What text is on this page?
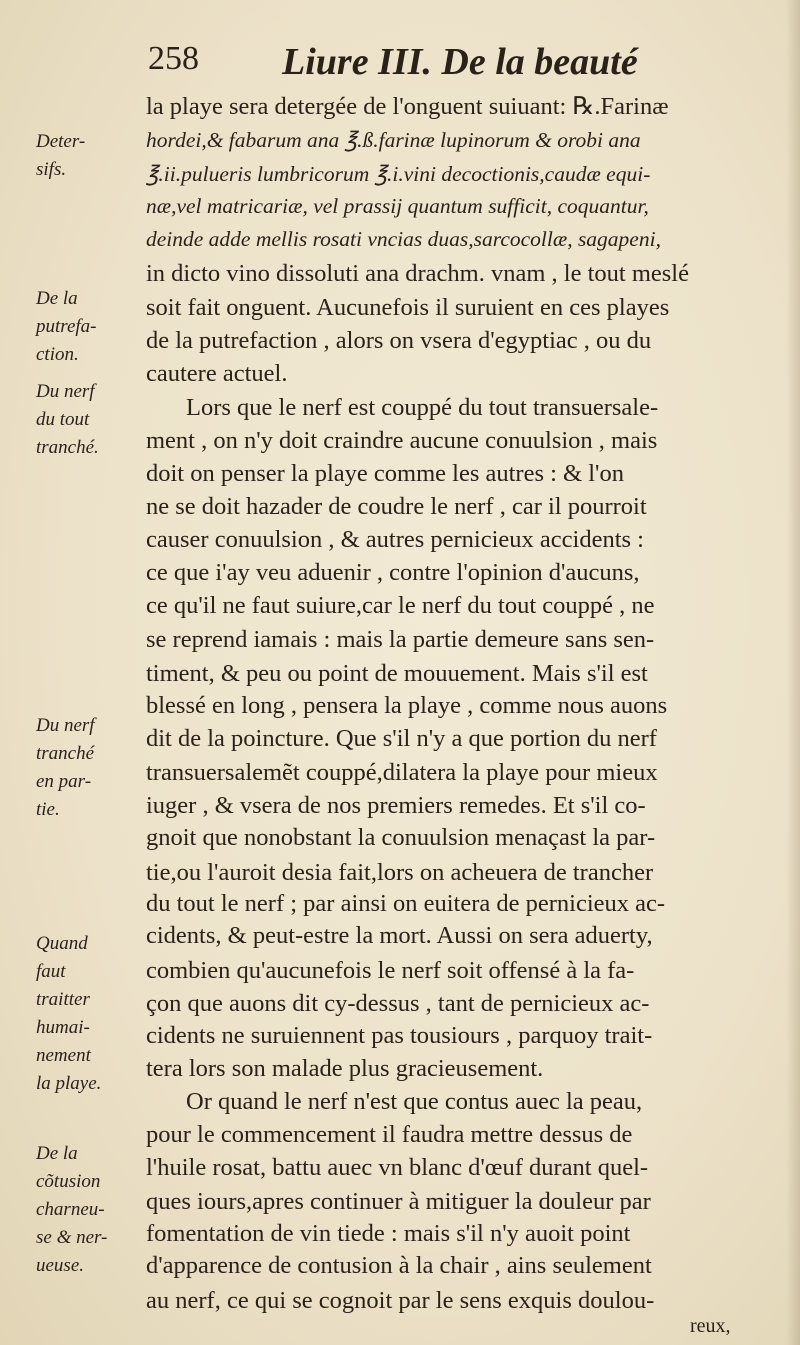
258 Liure III. De la beauté
la playe sera detergée de l'onguent suiuant: ℞.Farinæ
hordei,& fabarum ana ℥.ß.farinæ lupinorum & orobi ana
℥.ii.pulueris lumbricorum ℥.i.vini decoctionis,caudæ equi-
næ,vel matricariæ, vel prassij quantum sufficit, coquantur,
deinde adde mellis rosati vncias duas,sarcocollæ, sagapeni,
in dicto vino dissoluti ana drachm. vnam , le tout meslé
soit fait onguent. Aucunefois il suruient en ces playes
de la putrefaction , alors on vsera d'egyptiac , ou du
cautere actuel.
Lors que le nerf est couppé du tout transuersale-
ment , on n'y doit craindre aucune conuulsion , mais
doit on penser la playe comme les autres : & l'on
ne se doit hazader de coudre le nerf , car il pourroit
causer conuulsion , & autres pernicieux accidents :
ce que i'ay veu aduenir , contre l'opinion d'aucuns,
ce qu'il ne faut suiure,car le nerf du tout couppé , ne
se reprend iamais : mais la partie demeure sans sen-
timent, & peu ou point de mouuement. Mais s'il est
blessé en long , pensera la playe , comme nous auons
dit de la poincture. Que s'il n'y a que portion du nerf
transuersalemẽt couppé,dilatera la playe pour mieux
iuger , & vsera de nos premiers remedes. Et s'il co-
gnoit que nonobstant la conuulsion menaçast la par-
tie,ou l'auroit desia fait,lors on acheuera de trancher
du tout le nerf ; par ainsi on euitera de pernicieux ac-
cidents, & peut-estre la mort. Aussi on sera aduerty,
combien qu'aucunefois le nerf soit offensé à la fa-
çon que auons dit cy-dessus , tant de pernicieux ac-
cidents ne suruiennent pas tousiours , parquoy trait-
tera lors son malade plus gracieusement.
Or quand le nerf n'est que contus auec la peau,
pour le commencement il faudra mettre dessus de
l'huile rosat, battu auec vn blanc d'œuf durant quel-
ques iours,apres continuer à mitiguer la douleur par
fomentation de vin tiede : mais s'il n'y auoit point
d'apparence de contusion à la chair , ains seulement
au nerf, ce qui se cognoit par le sens exquis doulou-
reux,
Deter-
sifs.
De la
putrefa-
ction.
Du nerf
du tout
tranché.
Du nerf
tranché
en par-
tie.
Quand
faut
traitter
humai-
nement
la playe.
De la
cõtusion
charneu-
se & ner-
ueuse.
